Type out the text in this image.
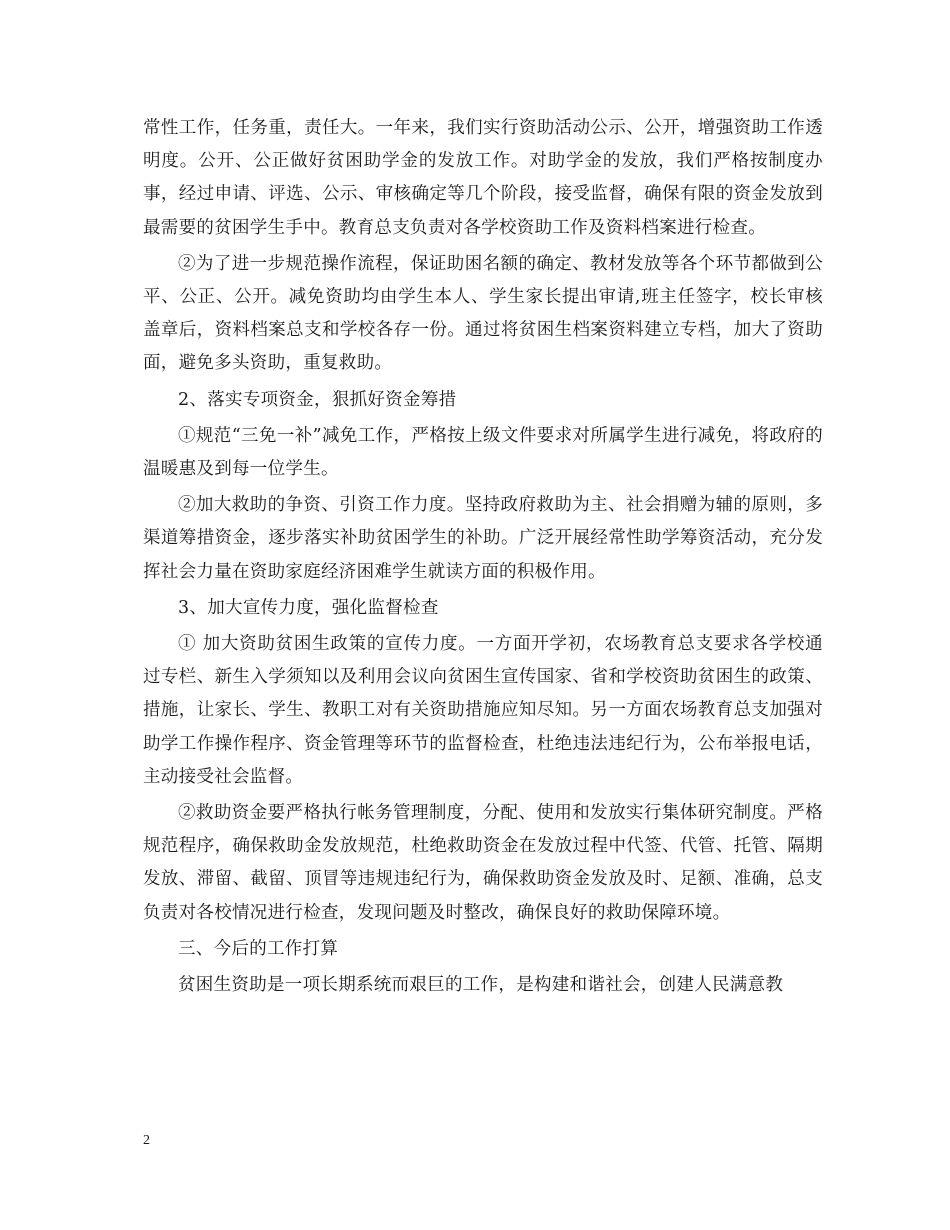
常性工作，任务重，责任大。一年来，我们实行资助活动公示、公开，增强资助工作透明度。公开、公正做好贫困助学金的发放工作。对助学金的发放，我们严格按制度办事，经过申请、评选、公示、审核确定等几个阶段，接受监督，确保有限的资金发放到最需要的贫困学生手中。教育总支负责对各学校资助工作及资料档案进行检查。

②为了进一步规范操作流程，保证助困名额的确定、教材发放等各个环节都做到公平、公正、公开。减免资助均由学生本人、学生家长提出审请,班主任签字，校长审核盖章后，资料档案总支和学校各存一份。通过将贫困生档案资料建立专档，加大了资助面，避免多头资助，重复救助。

2、落实专项资金，狠抓好资金筹措

①规范“三免一补”减免工作，严格按上级文件要求对所属学生进行减免，将政府的温暖惠及到每一位学生。

②加大救助的争资、引资工作力度。坚持政府救助为主、社会捐赠为辅的原则，多渠道筹措资金，逐步落实补助贫困学生的补助。广泛开展经常性助学筹资活动，充分发挥社会力量在资助家庭经济困难学生就读方面的积极作用。

3、加大宣传力度，强化监督检查

① 加大资助贫困生政策的宣传力度。一方面开学初，农场教育总支要求各学校通过专栏、新生入学须知以及利用会议向贫困生宣传国家、省和学校资助贫困生的政策、措施，让家长、学生、教职工对有关资助措施应知尽知。另一方面农场教育总支加强对助学工作操作程序、资金管理等环节的监督检查，杜绝违法违纪行为，公布举报电话，主动接受社会监督。

②救助资金要严格执行帐务管理制度，分配、使用和发放实行集体研究制度。严格规范程序，确保救助金发放规范，杜绝救助资金在发放过程中代签、代管、托管、隔期发放、滞留、截留、顶冒等违规违纪行为，确保救助资金发放及时、足额、准确，总支负责对各校情况进行检查，发现问题及时整改，确保良好的救助保障环境。

三、今后的工作打算

贫困生资助是一项长期系统而艰巨的工作，是构建和谐社会，创建人民满意教

2
